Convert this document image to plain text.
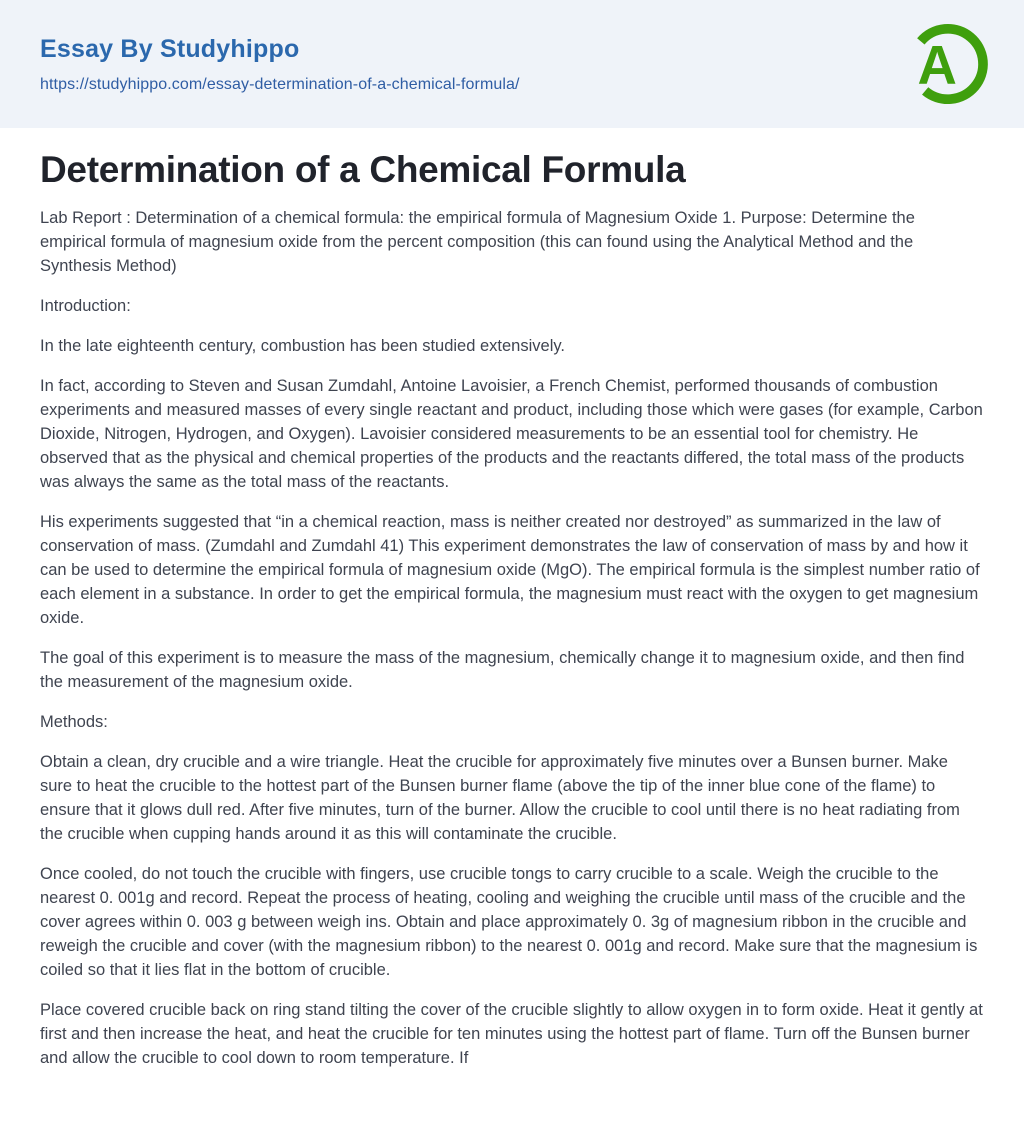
Essay By Studyhippo
https://studyhippo.com/essay-determination-of-a-chemical-formula/	A
Determination of a Chemical Formula

Lab Report : Determination of a chemical formula: the empirical formula of Magnesium Oxide 1. Purpose: Determine the empirical formula of magnesium oxide from the percent composition (this can found using the Analytical Method and the Synthesis Method)

Introduction:

In the late eighteenth century, combustion has been studied extensively.

In fact, according to Steven and Susan Zumdahl, Antoine Lavoisier, a French Chemist, performed thousands of combustion experiments and measured masses of every single reactant and product, including those which were gases (for example, Carbon Dioxide, Nitrogen, Hydrogen, and Oxygen). Lavoisier considered measurements to be an essential tool for chemistry. He observed that as the physical and chemical properties of the products and the reactants differed, the total mass of the products was always the same as the total mass of the reactants.

His experiments suggested that “in a chemical reaction, mass is neither created nor destroyed” as summarized in the law of conservation of mass. (Zumdahl and Zumdahl 41) This experiment demonstrates the law of conservation of mass by and how it can be used to determine the empirical formula of magnesium oxide (MgO). The empirical formula is the simplest number ratio of each element in a substance. In order to get the empirical formula, the magnesium must react with the oxygen to get magnesium oxide.

The goal of this experiment is to measure the mass of the magnesium, chemically change it to magnesium oxide, and then find the measurement of the magnesium oxide.

Methods:

Obtain a clean, dry crucible and a wire triangle. Heat the crucible for approximately five minutes over a Bunsen burner. Make sure to heat the crucible to the hottest part of the Bunsen burner flame (above the tip of the inner blue cone of the flame) to ensure that it glows dull red. After five minutes, turn of the burner. Allow the crucible to cool until there is no heat radiating from the crucible when cupping hands around it as this will contaminate the crucible.

Once cooled, do not touch the crucible with fingers, use crucible tongs to carry crucible to a scale. Weigh the crucible to the nearest 0. 001g and record. Repeat the process of heating, cooling and weighing the crucible until mass of the crucible and the cover agrees within 0. 003 g between weigh ins. Obtain and place approximately 0. 3g of magnesium ribbon in the crucible and reweigh the crucible and cover (with the magnesium ribbon) to the nearest 0. 001g and record. Make sure that the magnesium is coiled so that it lies flat in the bottom of crucible.

Place covered crucible back on ring stand tilting the cover of the crucible slightly to allow oxygen in to form oxide. Heat it gently at first and then increase the heat, and heat the crucible for ten minutes using the hottest part of flame. Turn off the Bunsen burner and allow the crucible to cool down to room temperature. If
